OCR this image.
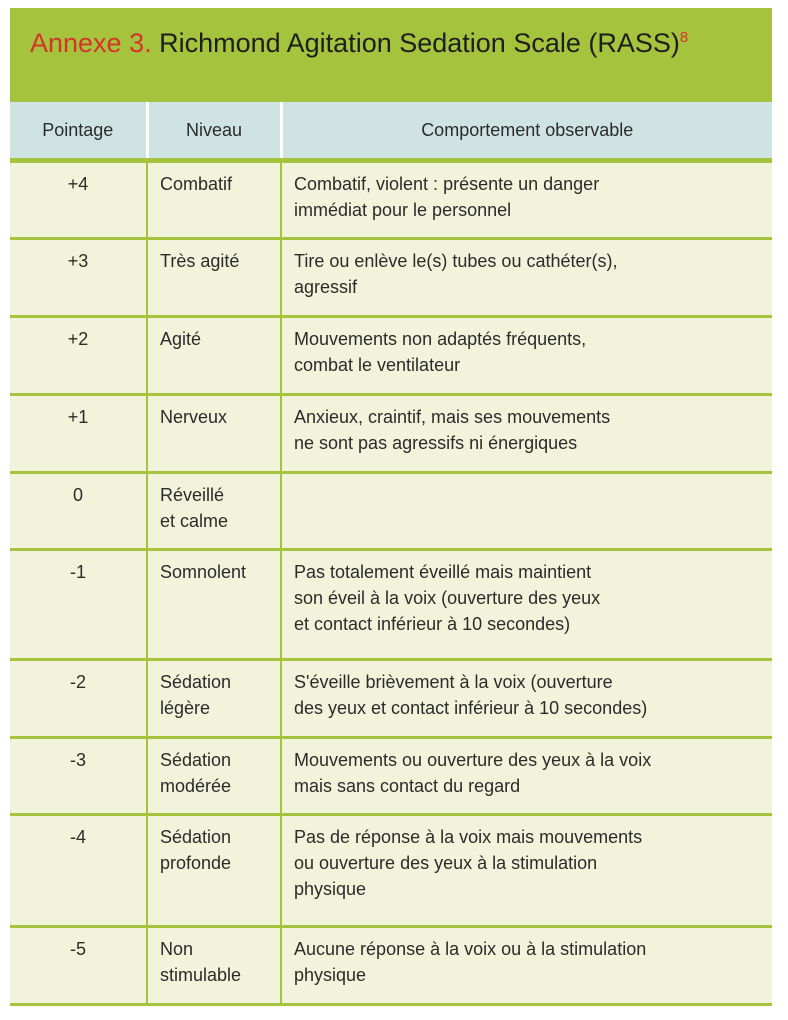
Annexe 3. Richmond Agitation Sedation Scale (RASS)$^8$
Pointage	Niveau	Comportement observable
+4	Combatif	Combatif, violent : présente un danger
immédiat pour le personnel
+3	Très agité	Tire ou enlève le(s) tubes ou cathéter(s),
agressif
+2	Agité	Mouvements non adaptés fréquents,
combat le ventilateur
+1	Nerveux	Anxieux, craintif, mais ses mouvements
ne sont pas agressifs ni énergiques
0	Réveillé
et calme	
-1	Somnolent	Pas totalement éveillé mais maintient
son éveil à la voix (ouverture des yeux
et contact inférieur à 10 secondes)
-2	Sédation
légère	S'éveille brièvement à la voix (ouverture
des yeux et contact inférieur à 10 secondes)
-3	Sédation
modérée	Mouvements ou ouverture des yeux à la voix
mais sans contact du regard
-4	Sédation
profonde	Pas de réponse à la voix mais mouvements
ou ouverture des yeux à la stimulation
physique
-5	Non
stimulable	Aucune réponse à la voix ou à la stimulation
physique
